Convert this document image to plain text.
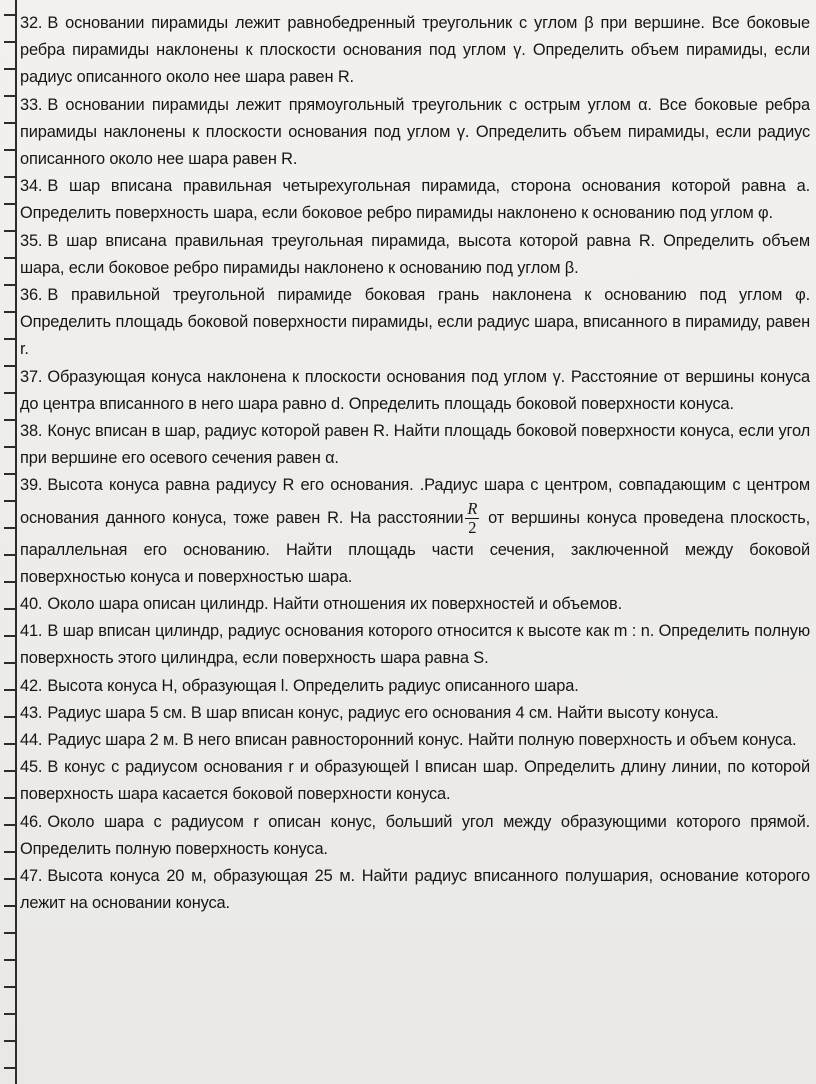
32. В основании пирамиды лежит равнобедренный треугольник с углом β при вершине. Все боковые ребра пирамиды наклонены к плоскости основания под углом γ. Определить объем пирамиды, если радиус описанного около нее шара равен R.

33. В основании пирамиды лежит прямоугольный треугольник с острым углом α. Все боковые ребра пирамиды наклонены к плоскости основания под углом γ. Определить объем пирамиды, если радиус описанного около нее шара равен R.

34. В шар вписана правильная четырехугольная пирамида, сторона основания которой равна a. Определить поверхность шара, если боковое ребро пирамиды наклонено к основанию под углом φ.

35. В шар вписана правильная треугольная пирамида, высота которой равна R. Определить объем шара, если боковое ребро пирамиды наклонено к основанию под углом β.

36. В правильной треугольной пирамиде боковая грань наклонена к основанию под углом φ. Определить площадь боковой поверхности пирамиды, если радиус шара, вписанного в пирамиду, равен r.

37. Образующая конуса наклонена к плоскости основания под углом γ. Расстояние от вершины конуса до центра вписанного в него шара равно d. Определить площадь боковой поверхности конуса.

38. Конус вписан в шар, радиус которой равен R. Найти площадь боковой поверхности конуса, если угол при вершине его осевого сечения равен α.

39. Высота конуса равна радиусу R его основания. .Радиус шара с центром, совпадающим с центром основания данного конуса, тоже равен R. На расстоянии $\frac{R}{2}$ от вершины конуса проведена плоскость, параллельная его основанию. Найти площадь части сечения, заключенной между боковой поверхностью конуса и поверхностью шара.

40. Около шара описан цилиндр. Найти отношения их поверхностей и объемов.

41. В шар вписан цилиндр, радиус основания которого относится к высоте как m : n. Определить полную поверхность этого цилиндра, если поверхность шара равна S.

42. Высота конуса H, образующая l. Определить радиус описанного шара.

43. Радиус шара 5 см. В шар вписан конус, радиус его основания 4 см. Найти высоту конуса.

44. Радиус шара 2 м. В него вписан равносторонний конус. Найти полную поверхность и объем конуса.

45. В конус с радиусом основания r и образующей l вписан шар. Определить длину линии, по которой поверхность шара касается боковой поверхности конуса.

46. Около шара с радиусом r описан конус, больший угол между образующими которого прямой. Определить полную поверхность конуса.

47. Высота конуса 20 м, образующая 25 м. Найти радиус вписанного полушария, основание которого лежит на основании конуса.
